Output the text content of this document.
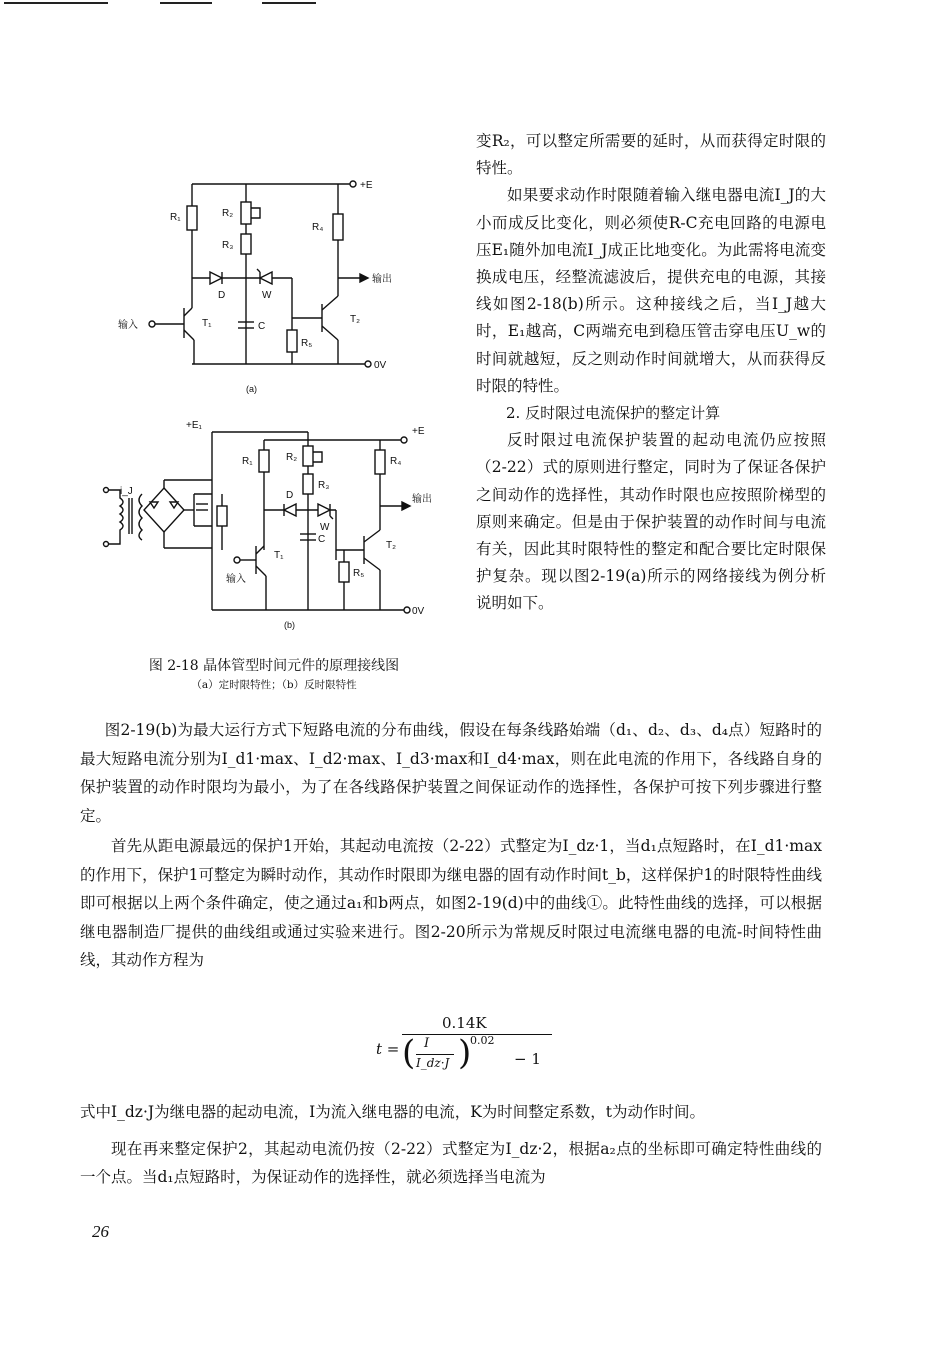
+E
0V
R₁
输入	T₁
R₂
R₃
C
D	W
R₅
T₂
R₄
输出
(a)
+E₁
+E
0V
i_J
R₁
输入
T₁
R₂
R₃
C
D
W
R₅
T₂
R₄
输出
(b)
图 2-18 晶体管型时间元件的原理接线图
（a）定时限特性；（b）反时限特性

变R₂，可以整定所需要的延时，从而获得定时限的特性。

如果要求动作时限随着输入继电器电流I_J的大小而成反比变化，则必须使R-C充电回路的电源电压E₁随外加电流I_J成正比地变化。为此需将电流变换成电压，经整流滤波后，提供充电的电源，其接线如图2-18(b)所示。这种接线之后，当I_J越大时，E₁越高，C两端充电到稳压管击穿电压U_w的时间就越短，反之则动作时间就增大，从而获得反时限的特性。

2. 反时限过电流保护的整定计算

反时限过电流保护装置的起动电流仍应按照（2-22）式的原则进行整定，同时为了保证各保护之间动作的选择性，其动作时限也应按照阶梯型的原则来确定。但是由于保护装置的动作时间与电流有关，因此其时限特性的整定和配合要比定时限保护复杂。现以图2-19(a)所示的网络接线为例分析说明如下。

图2-19(b)为最大运行方式下短路电流的分布曲线，假设在每条线路始端（d₁、d₂、d₃、d₄点）短路时的最大短路电流分别为I_d1·max、I_d2·max、I_d3·max和I_d4·max，则在此电流的作用下，各线路自身的保护装置的动作时限均为最小，为了在各线路保护装置之间保证动作的选择性，各保护可按下列步骤进行整定。

首先从距电源最远的保护1开始，其起动电流按（2-22）式整定为I_dz·1，当d₁点短路时，在I_d1·max的作用下，保护1可整定为瞬时动作，其动作时限即为继电器的固有动作时间t_b，这样保护1的时限特性曲线即可根据以上两个条件确定，使之通过a₁和b两点，如图2-19(d)中的曲线①。此特性曲线的选择，可以根据继电器制造厂提供的曲线组或通过实验来进行。图2-20所示为常规反时限过电流继电器的电流-时间特性曲线，其动作方程为

t =
0.14K
( I
I_dz·J )
0.02
− 1

式中I_dz·J为继电器的起动电流，I为流入继电器的电流，K为时间整定系数，t为动作时间。

现在再来整定保护2，其起动电流仍按（2-22）式整定为I_dz·2，根据a₂点的坐标即可确定特性曲线的一个点。当d₁点短路时，为保证动作的选择性，就必须选择当电流为

26
